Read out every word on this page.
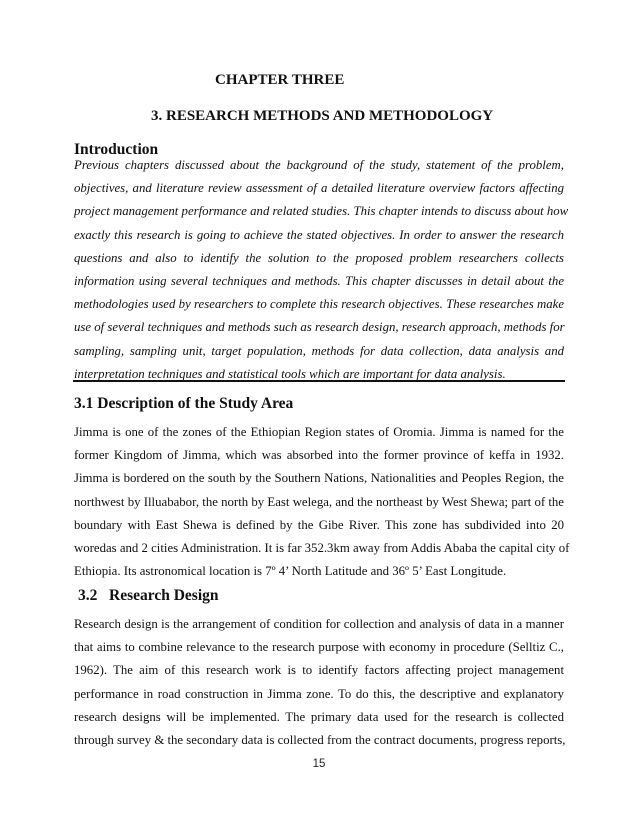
CHAPTER THREE
3. RESEARCH METHODS AND METHODOLOGY
Introduction
Previous chapters discussed about the background of the study, statement of the problem,
objectives, and literature review assessment of a detailed literature overview factors affecting
project management performance and related studies. This chapter intends to discuss about how
exactly this research is going to achieve the stated objectives. In order to answer the research
questions and also to identify the solution to the proposed problem researchers collects
information using several techniques and methods. This chapter discusses in detail about the
methodologies used by researchers to complete this research objectives. These researches make
use of several techniques and methods such as research design, research approach, methods for
sampling, sampling unit, target population, methods for data collection, data analysis and
interpretation techniques and statistical tools which are important for data analysis.
3.1 Description of the Study Area
Jimma is one of the zones of the Ethiopian Region states of Oromia. Jimma is named for the
former Kingdom of Jimma, which was absorbed into the former province of keffa in 1932.
Jimma is bordered on the south by the Southern Nations, Nationalities and Peoples Region, the
northwest by Illuababor, the north by East welega, and the northeast by West Shewa; part of the
boundary with East Shewa is defined by the Gibe River. This zone has subdivided into 20
woredas and 2 cities Administration. It is far 352.3km away from Addis Ababa the capital city of
Ethiopia. Its astronomical location is 7º 4’ North Latitude and 36º 5’ East Longitude.
3.2   Research Design
Research design is the arrangement of condition for collection and analysis of data in a manner
that aims to combine relevance to the research purpose with economy in procedure (Selltiz C.,
1962). The aim of this research work is to identify factors affecting project management
performance in road construction in Jimma zone. To do this, the descriptive and explanatory
research designs will be implemented. The primary data used for the research is collected
through survey & the secondary data is collected from the contract documents, progress reports,
15
